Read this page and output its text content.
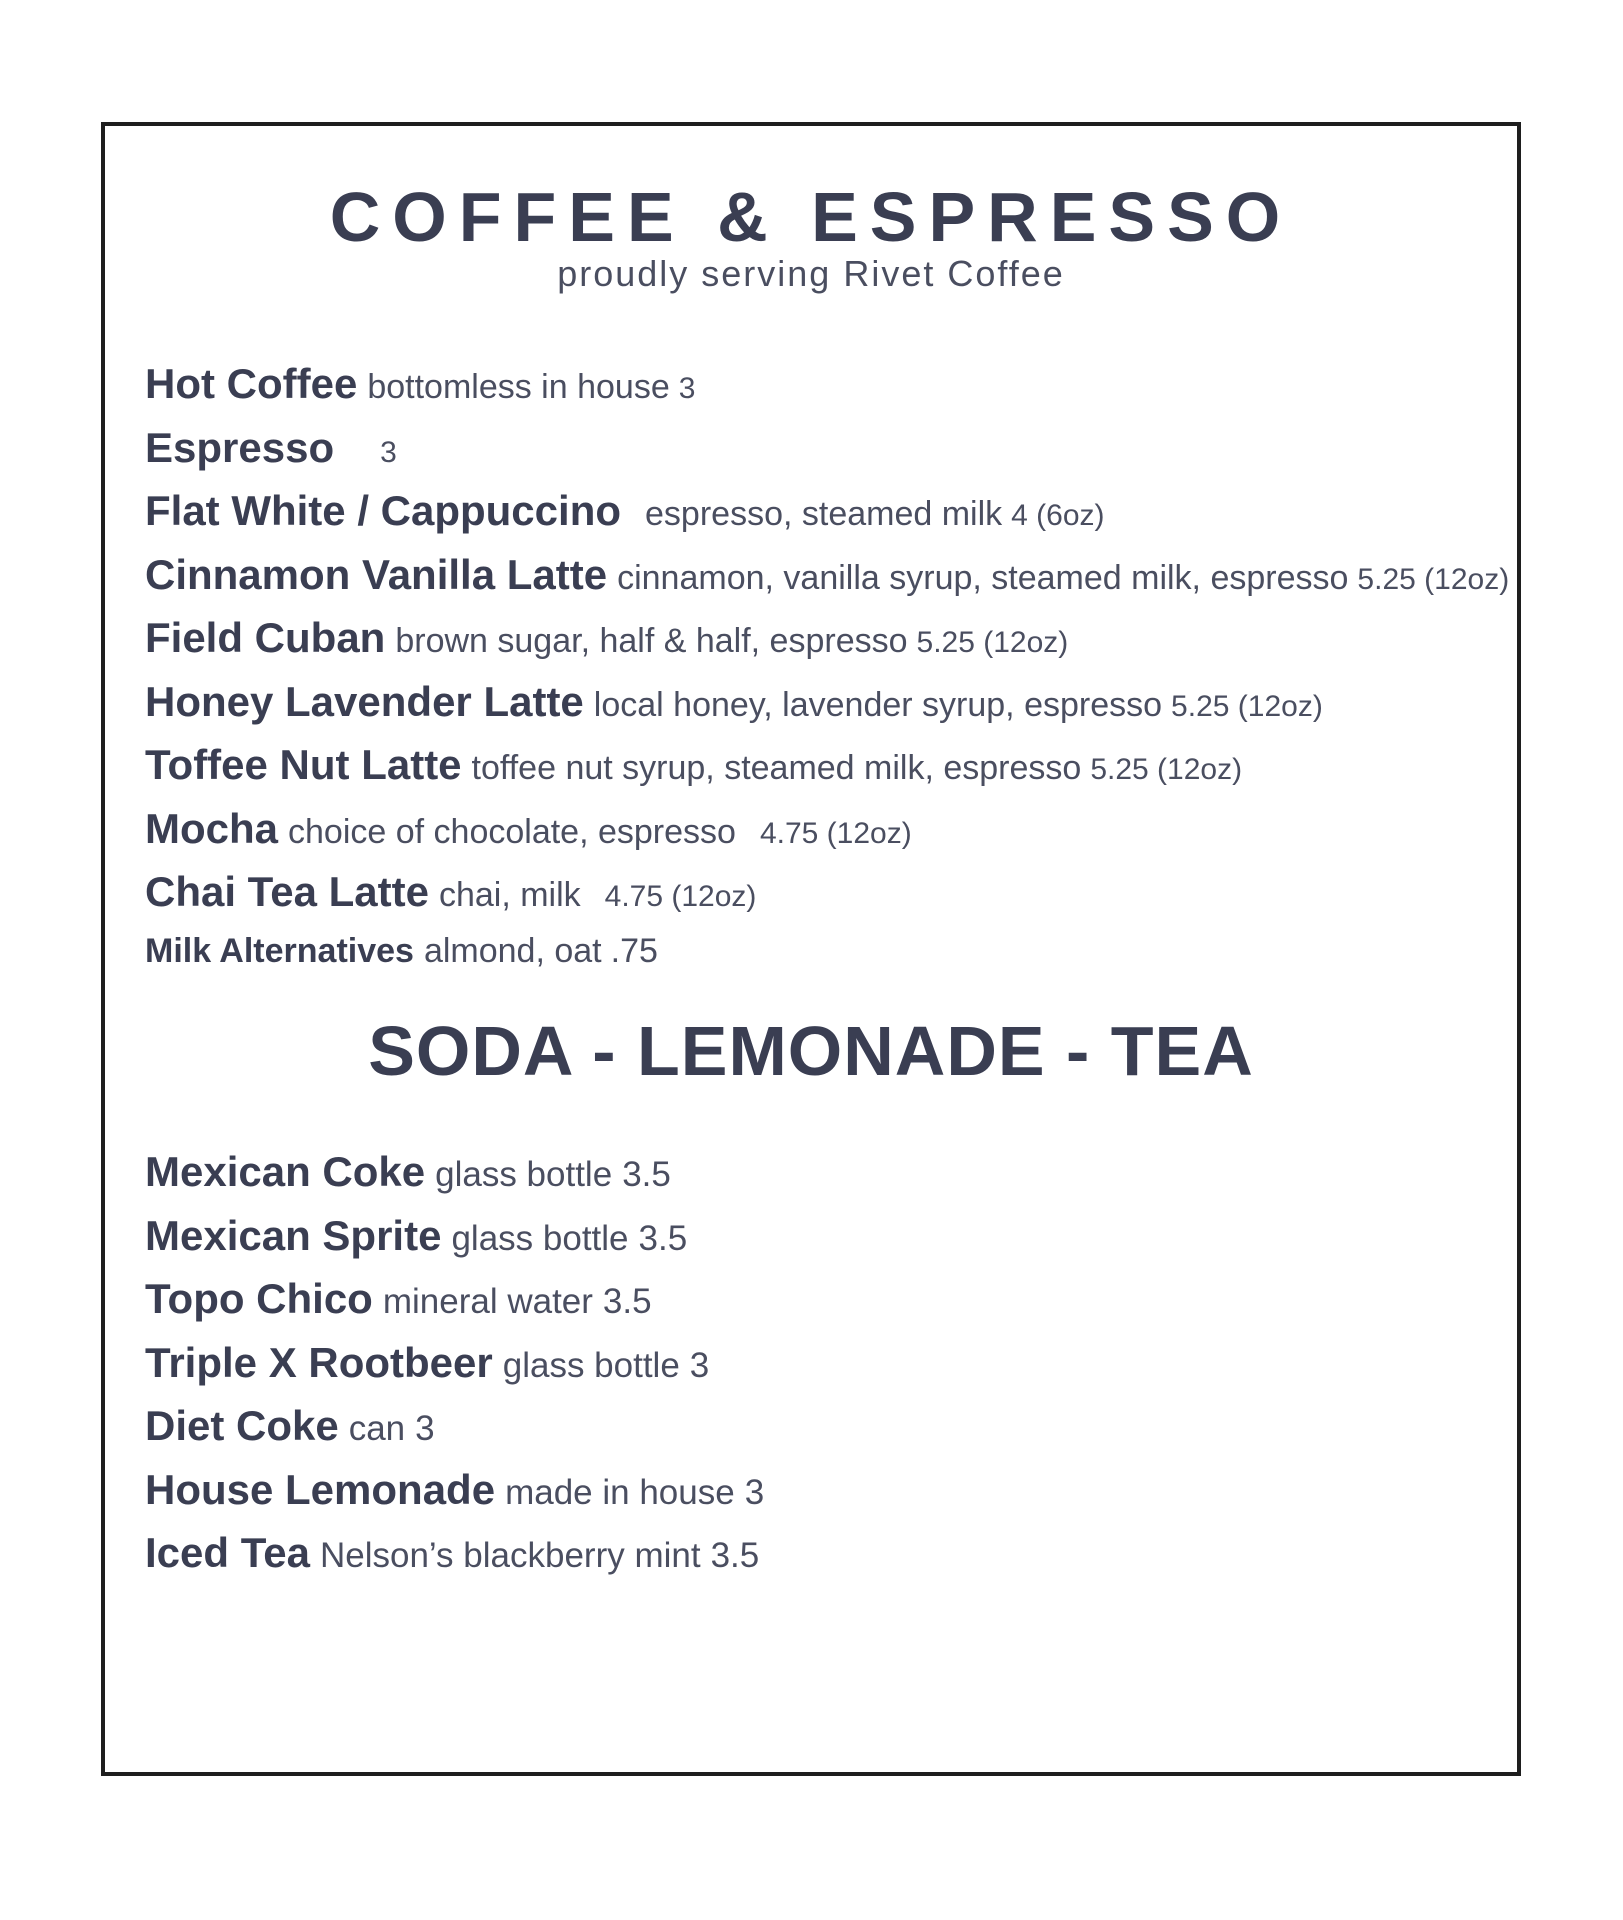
COFFEE & ESPRESSO
proudly serving Rivet Coffee
Hot Coffee bottomless in house 3
Espresso 3
Flat White / Cappuccino espresso, steamed milk 4 (6oz)
Cinnamon Vanilla Latte cinnamon, vanilla syrup, steamed milk, espresso 5.25 (12oz)
Field Cuban brown sugar, half & half, espresso 5.25 (12oz)
Honey Lavender Latte local honey, lavender syrup, espresso 5.25 (12oz)
Toffee Nut Latte toffee nut syrup, steamed milk, espresso 5.25 (12oz)
Mocha choice of chocolate, espresso 4.75 (12oz)
Chai Tea Latte chai, milk 4.75 (12oz)
Milk Alternatives almond, oat .75
SODA - LEMONADE - TEA
Mexican Coke glass bottle 3.5
Mexican Sprite glass bottle 3.5
Topo Chico mineral water 3.5
Triple X Rootbeer glass bottle 3
Diet Coke can 3
House Lemonade made in house 3
Iced Tea Nelson’s blackberry mint 3.5
